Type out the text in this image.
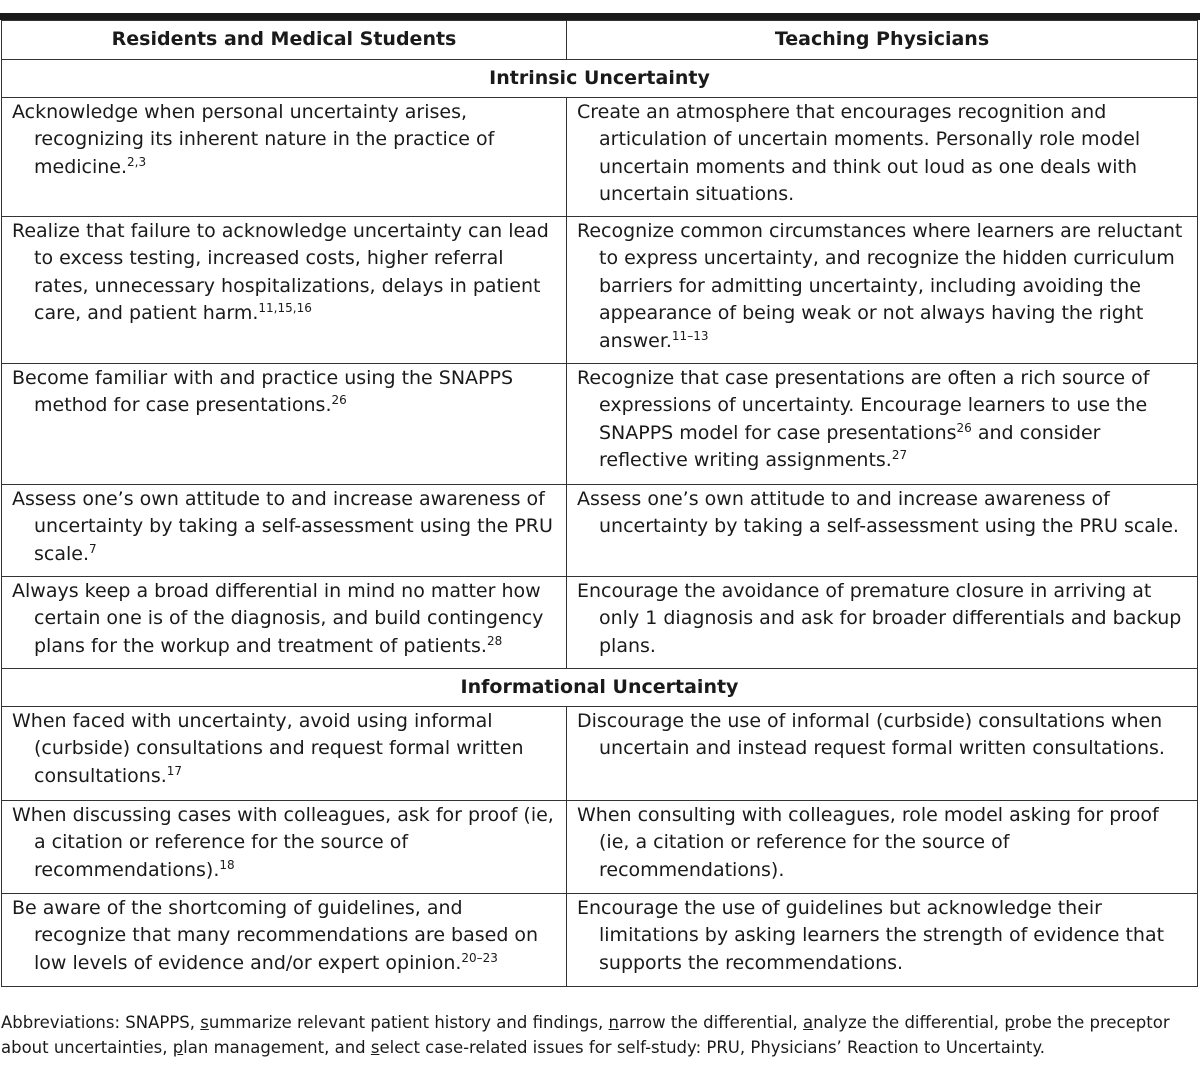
Residents and Medical Students	Teaching Physicians
Intrinsic Uncertainty	

Acknowledge when personal uncertainty arises, recognizing its inherent nature in the practice of medicine.$^{2,3}$	Create an atmosphere that encourages recognition and articulation of uncertain moments. Personally role model uncertain moments and think out loud as one deals with uncertain situations.

Realize that failure to acknowledge uncertainty can lead to excess testing, increased costs, higher referral rates, unnecessary hospitalizations, delays in patient care, and patient harm.$^{11,15,16}$	Recognize common circumstances where learners are reluctant to express uncertainty, and recognize the hidden curriculum barriers for admitting uncertainty, including avoiding the appearance of being weak or not always having the right answer.$^{11-13}$

Become familiar with and practice using the SNAPPS method for case presentations.$^{26}$	Recognize that case presentations are often a rich source of expressions of uncertainty. Encourage learners to use the SNAPPS model for case presentations$^{26}$ and consider reflective writing assignments.$^{27}$

Assess one’s own attitude to and increase awareness of uncertainty by taking a self-assessment using the PRU scale.$^7$	Assess one’s own attitude to and increase awareness of uncertainty by taking a self-assessment using the PRU scale.

Always keep a broad differential in mind no matter how certain one is of the diagnosis, and build contingency plans for the workup and treatment of patients.$^{28}$	Encourage the avoidance of premature closure in arriving at only 1 diagnosis and ask for broader differentials and backup plans.

Informational Uncertainty	

When faced with uncertainty, avoid using informal (curbside) consultations and request formal written consultations.$^{17}$	Discourage the use of informal (curbside) consultations when uncertain and instead request formal written consultations.

When discussing cases with colleagues, ask for proof (ie, a citation or reference for the source of recommendations).$^{18}$	When consulting with colleagues, role model asking for proof (ie, a citation or reference for the source of recommendations).

Be aware of the shortcoming of guidelines, and recognize that many recommendations are based on low levels of evidence and/or expert opinion.$^{20-23}$	Encourage the use of guidelines but acknowledge their limitations by asking learners the strength of evidence that supports the recommendations.
Abbreviations: SNAPPS, summarize relevant patient history and findings, narrow the differential, analyze the differential, probe the preceptor about uncertainties, plan management, and select case-related issues for self-study: PRU, Physicians’ Reaction to Uncertainty.
